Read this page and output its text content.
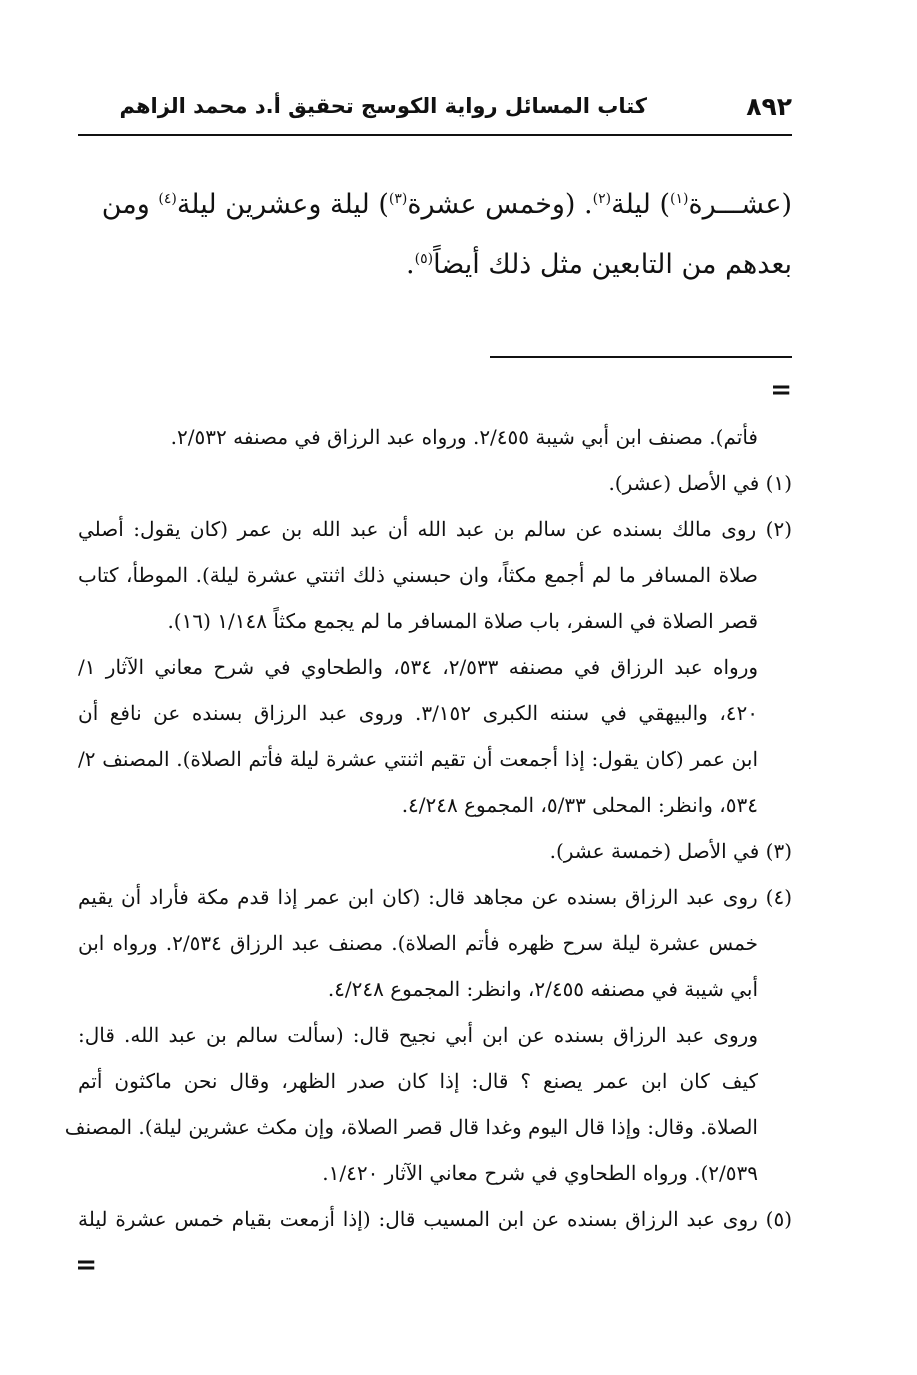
٨٩٢
كتاب المسائل رواية الكوسج تحقيق أ.د محمد الزاهم
(عشـــرة$^{(١)}$) ليلة$^{(٢)}$. (وخمس عشرة$^{(٣)}$) ليلة وعشرين ليلة$^{(٤)}$ ومن
بعدهم من التابعين مثل ذلك أيضاً$^{(٥)}$.
=
فأتم). مصنف ابن أبي شيبة ٢/٤٥٥. ورواه عبد الرزاق في مصنفه ٢/٥٣٢.
(١) في الأصل (عشر).
(٢) روى مالك بسنده عن سالم بن عبد الله أن عبد الله بن عمر (كان يقول: أصلي
صلاة المسافر ما لم أجمع مكثاً، وان حبسني ذلك اثنتي عشرة ليلة). الموطأ، كتاب
قصر الصلاة في السفر، باب صلاة المسافر ما لم يجمع مكثاً ١/١٤٨ (١٦).
ورواه عبد الرزاق في مصنفه ٢/٥٣٣، ٥٣٤، والطحاوي في شرح معاني الآثار ١/
٤٢٠، والبيهقي في سننه الكبرى ٣/١٥٢. وروى عبد الرزاق بسنده عن نافع أن
ابن عمر (كان يقول: إذا أجمعت أن تقيم اثنتي عشرة ليلة فأتم الصلاة). المصنف ٢/
٥٣٤، وانظر: المحلى ٥/٣٣، المجموع ٤/٢٤٨.
(٣) في الأصل (خمسة عشر).
(٤) روى عبد الرزاق بسنده عن مجاهد قال: (كان ابن عمر إذا قدم مكة فأراد أن يقيم
خمس عشرة ليلة سرح ظهره فأتم الصلاة). مصنف عبد الرزاق ٢/٥٣٤. ورواه ابن
أبي شيبة في مصنفه ٢/٤٥٥، وانظر: المجموع ٤/٢٤٨.
وروى عبد الرزاق بسنده عن ابن أبي نجيح قال: (سألت سالم بن عبد الله. قال:
كيف كان ابن عمر يصنع ؟ قال: إذا كان صدر الظهر، وقال نحن ماكثون أتم
الصلاة. وقال: وإذا قال اليوم وغدا قال قصر الصلاة، وإن مكث عشرين ليلة). المصنف
٢/٥٣٩). ورواه الطحاوي في شرح معاني الآثار ١/٤٢٠.
(٥) روى عبد الرزاق بسنده عن ابن المسيب قال: (إذا أزمعت بقيام خمس عشرة ليلة
=
